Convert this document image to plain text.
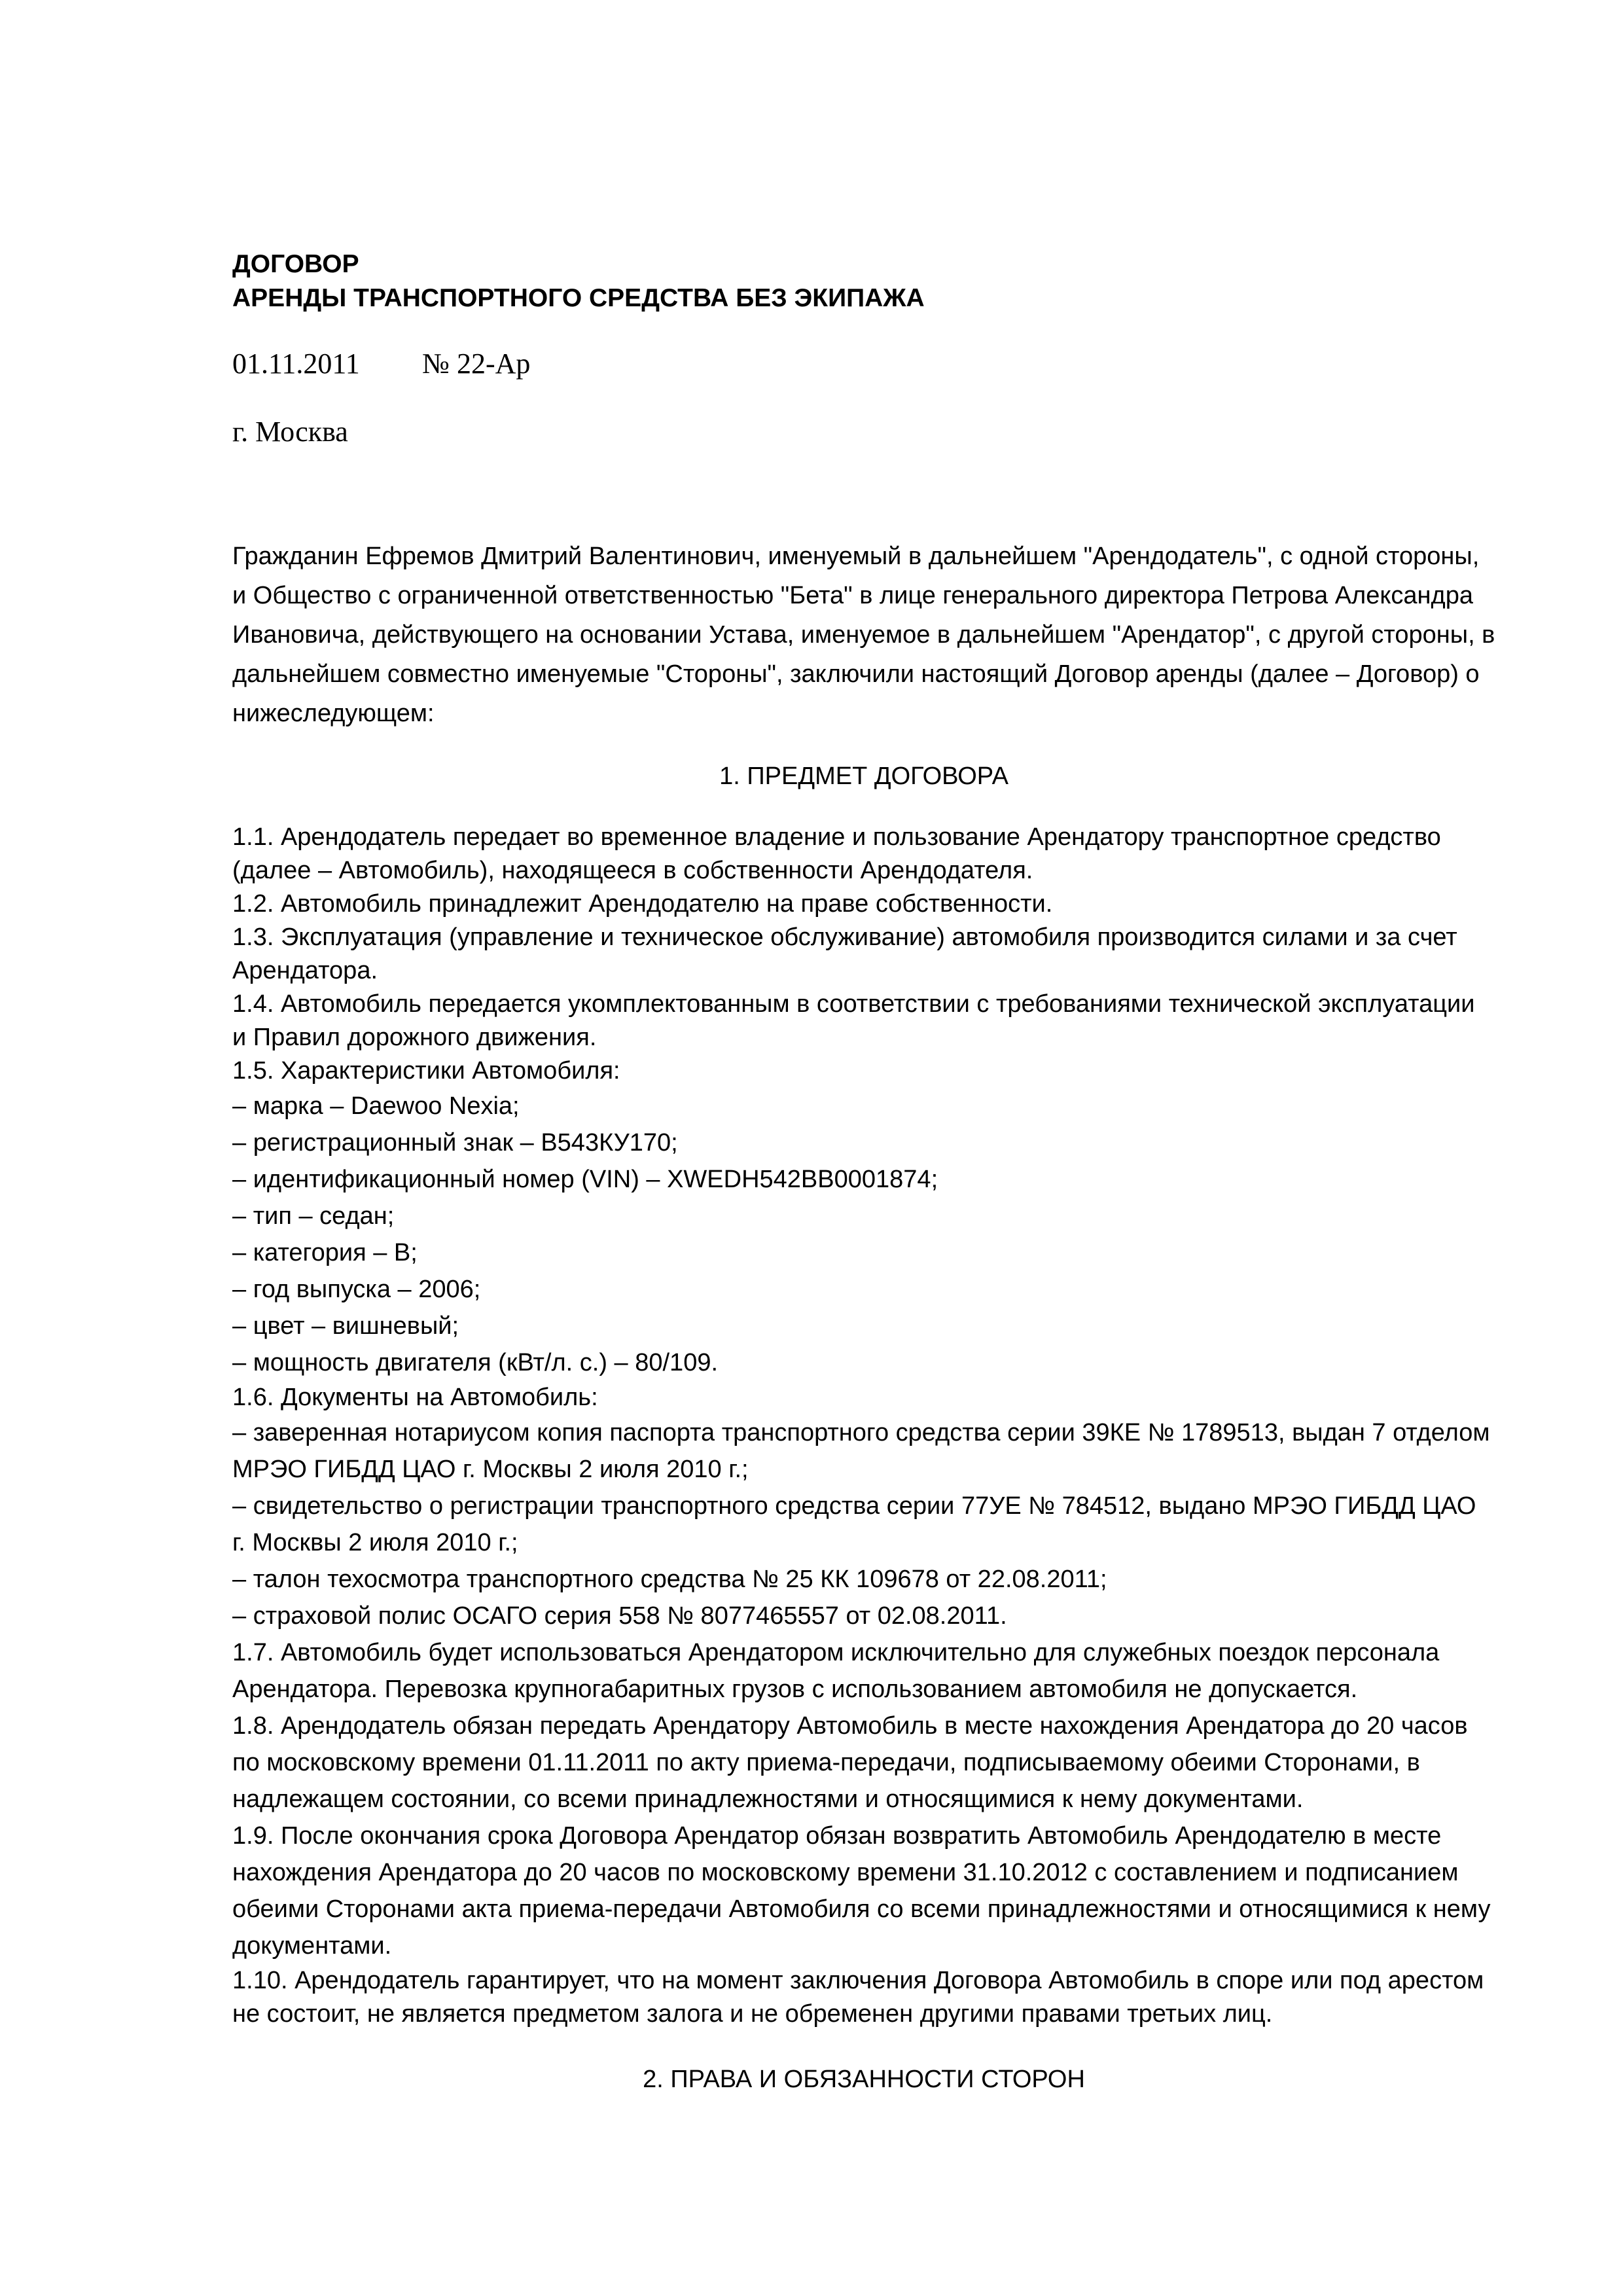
ДОГОВОР

АРЕНДЫ ТРАНСПОРТНОГО СРЕДСТВА БЕЗ ЭКИПАЖА

01.11.2011	№ 22-Ар
г. Москва

Гражданин Ефремов Дмитрий Валентинович, именуемый в дальнейшем "Арендодатель", с одной стороны, и Общество с ограниченной ответственностью "Бета" в лице генерального директора Петрова Александра Ивановича, действующего на основании Устава, именуемое в дальнейшем "Арендатор", с другой стороны, в дальнейшем совместно именуемые "Стороны", заключили настоящий Договор аренды (далее – Договор) о нижеследующем:

1. ПРЕДМЕТ ДОГОВОРА

1.1. Арендодатель передает во временное владение и пользование Арендатору транспортное средство (далее – Автомобиль), находящееся в собственности Арендодателя.

1.2. Автомобиль принадлежит Арендодателю на праве собственности.

1.3. Эксплуатация (управление и техническое обслуживание) автомобиля производится силами и за счет Арендатора.

1.4. Автомобиль передается укомплектованным в соответствии с требованиями технической эксплуатации и Правил дорожного движения.

1.5. Характеристики Автомобиля:

– марка – Daewoo Nexia;

– регистрационный знак – В543КУ170;

– идентификационный номер (VIN) – XWEDH542BB0001874;

– тип – седан;

– категория – В;

– год выпуска – 2006;

– цвет – вишневый;

– мощность двигателя (кВт/л. с.) – 80/109.

1.6. Документы на Автомобиль:

– заверенная нотариусом копия паспорта транспортного средства серии 39КЕ № 1789513, выдан 7 отделом МРЭО ГИБДД ЦАО г. Москвы 2 июля 2010 г.;

– свидетельство о регистрации транспортного средства серии 77УЕ № 784512, выдано МРЭО ГИБДД ЦАО г. Москвы 2 июля 2010 г.;

– талон техосмотра транспортного средства № 25 КК 109678 от 22.08.2011;

– страховой полис ОСАГО серия 558 № 8077465557 от 02.08.2011.

1.7. Автомобиль будет использоваться Арендатором исключительно для служебных поездок персонала Арендатора. Перевозка крупногабаритных грузов с использованием автомобиля не допускается.

1.8. Арендодатель обязан передать Арендатору Автомобиль в месте нахождения Арендатора до 20 часов по московскому времени 01.11.2011 по акту приема-передачи, подписываемому обеими Сторонами, в надлежащем состоянии, со всеми принадлежностями и относящимися к нему документами.

1.9. После окончания срока Договора Арендатор обязан возвратить Автомобиль Арендодателю в месте нахождения Арендатора до 20 часов по московскому времени 31.10.2012 с составлением и подписанием обеими Сторонами акта приема-передачи Автомобиля со всеми принадлежностями и относящимися к нему документами.

1.10. Арендодатель гарантирует, что на момент заключения Договора Автомобиль в споре или под арестом не состоит, не является предметом залога и не обременен другими правами третьих лиц.

2. ПРАВА И ОБЯЗАННОСТИ СТОРОН
